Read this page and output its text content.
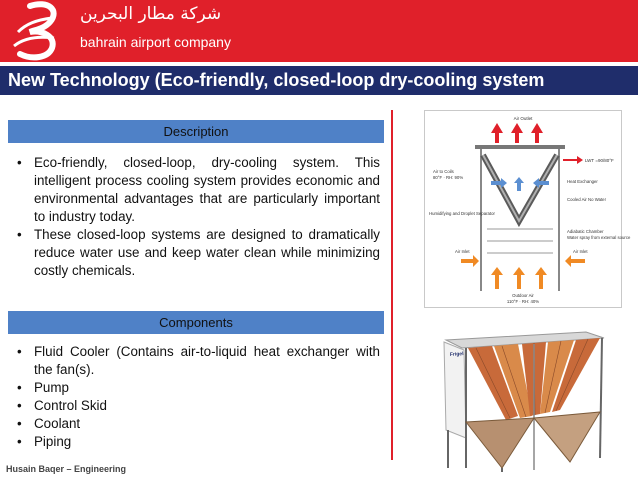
شركة مطار البحرين
bahrain airport company
New Technology (Eco-friendly, closed-loop dry-cooling system
Description
• Eco-friendly, closed-loop, dry-cooling system. This intelligent process cooling system provides economic and environmental advantages that are particularly important to industry today.
• These closed-loop systems are designed to dramatically reduce water use and keep water clean while minimizing costly chemicals.
Components
• Fluid Cooler (Contains air-to-liquid heat exchanger with the fan(s).
• Pump
• Control Skid
• Coolant
• Piping
Air Outlet
LWT =90/80°F
Air to Coils
80°F · RH: 90%
Heat Exchanger
Cooled Air No Water
Humidifying and Droplet Separator
Adiabatic Chamber
Water spray from external source
Air Inlet	Air Inlet
Outdoor Air
110°F · RH: 40%
Frigel
Husain Baqer – Engineering
